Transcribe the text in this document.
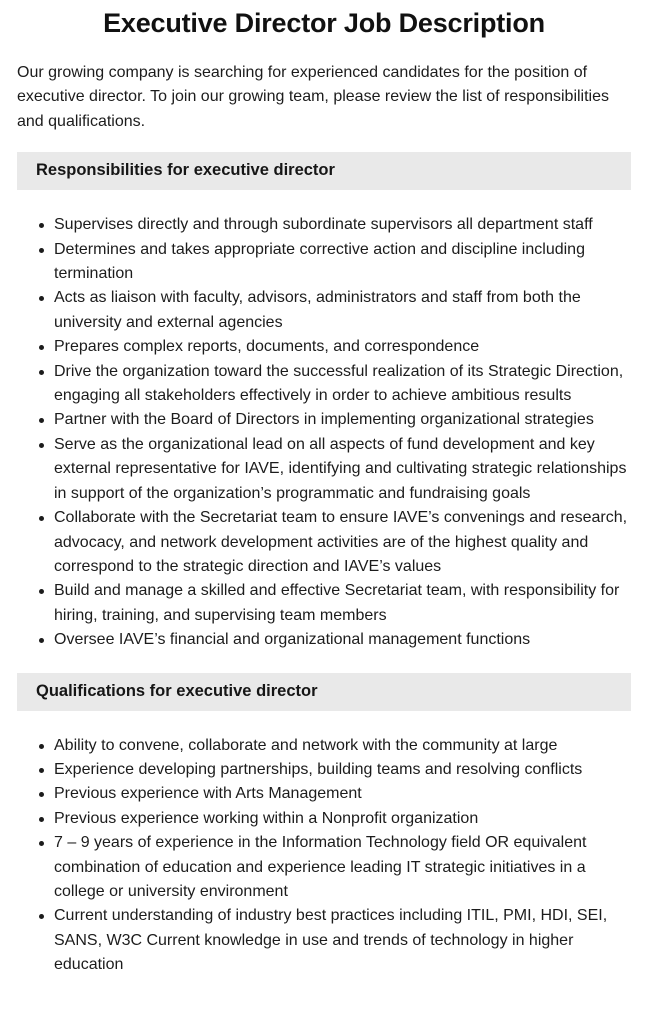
Executive Director Job Description

Our growing company is searching for experienced candidates for the position of executive director. To join our growing team, please review the list of responsibilities and qualifications.

Responsibilities for executive director
Supervises directly and through subordinate supervisors all department staff
Determines and takes appropriate corrective action and discipline including termination
Acts as liaison with faculty, advisors, administrators and staff from both the university and external agencies
Prepares complex reports, documents, and correspondence
Drive the organization toward the successful realization of its Strategic Direction, engaging all stakeholders effectively in order to achieve ambitious results
Partner with the Board of Directors in implementing organizational strategies
Serve as the organizational lead on all aspects of fund development and key external representative for IAVE, identifying and cultivating strategic relationships in support of the organization’s programmatic and fundraising goals
Collaborate with the Secretariat team to ensure IAVE’s convenings and research, advocacy, and network development activities are of the highest quality and correspond to the strategic direction and IAVE’s values
Build and manage a skilled and effective Secretariat team, with responsibility for hiring, training, and supervising team members
Oversee IAVE’s financial and organizational management functions
Qualifications for executive director
Ability to convene, collaborate and network with the community at large
Experience developing partnerships, building teams and resolving conflicts
Previous experience with Arts Management
Previous experience working within a Nonprofit organization
7 – 9 years of experience in the Information Technology field OR equivalent combination of education and experience leading IT strategic initiatives in a college or university environment
Current understanding of industry best practices including ITIL, PMI, HDI, SEI, SANS, W3C Current knowledge in use and trends of technology in higher education
